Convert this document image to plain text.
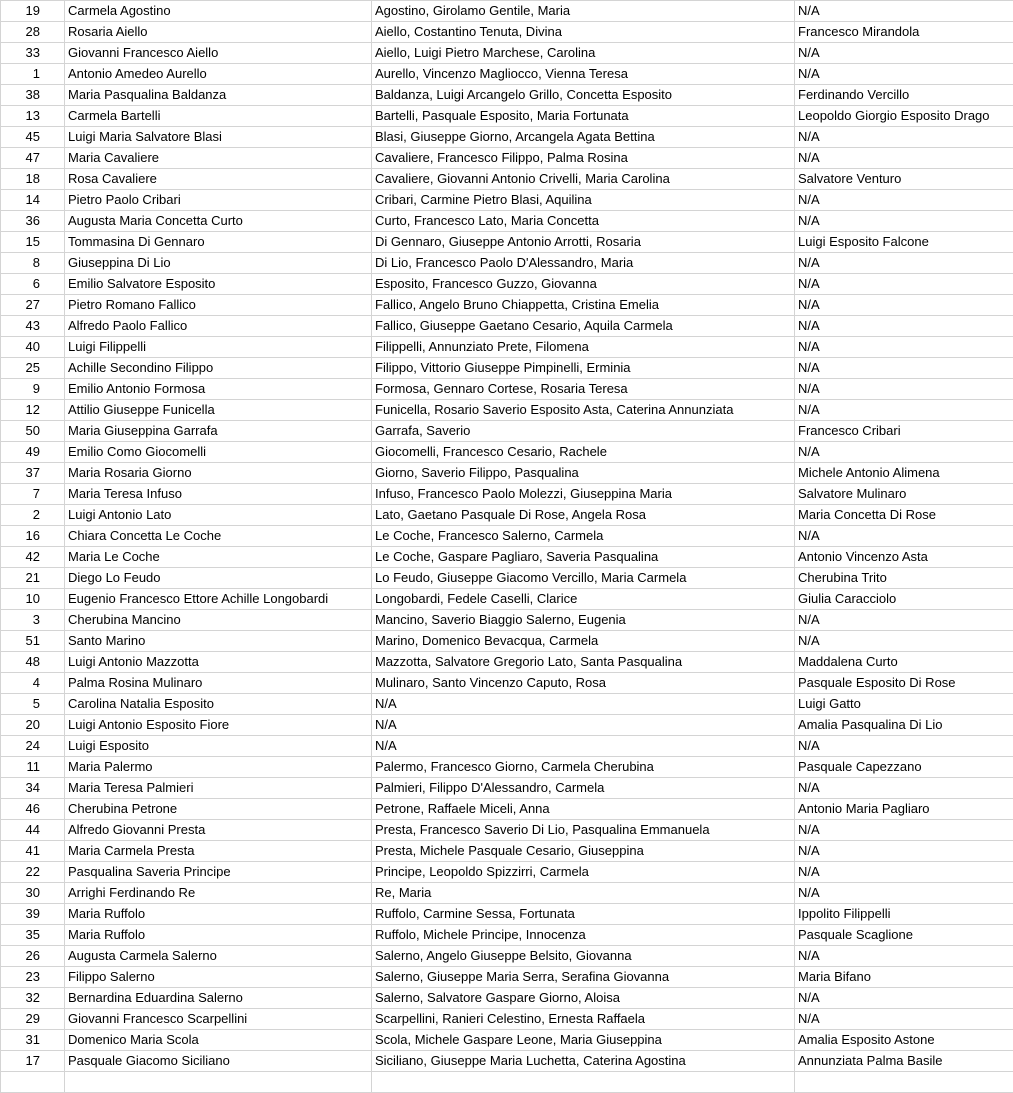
19	Carmela Agostino	Agostino, Girolamo Gentile, Maria	N/A
28	Rosaria Aiello	Aiello, Costantino Tenuta, Divina	Francesco Mirandola
33	Giovanni Francesco Aiello	Aiello, Luigi Pietro Marchese, Carolina	N/A
1	Antonio Amedeo Aurello	Aurello, Vincenzo Magliocco, Vienna Teresa	N/A
38	Maria Pasqualina Baldanza	Baldanza, Luigi Arcangelo Grillo, Concetta Esposito	Ferdinando Vercillo
13	Carmela Bartelli	Bartelli, Pasquale Esposito, Maria Fortunata	Leopoldo Giorgio Esposito Drago
45	Luigi Maria Salvatore Blasi	Blasi, Giuseppe Giorno, Arcangela Agata Bettina	N/A
47	Maria Cavaliere	Cavaliere, Francesco Filippo, Palma Rosina	N/A
18	Rosa Cavaliere	Cavaliere, Giovanni Antonio Crivelli, Maria Carolina	Salvatore Venturo
14	Pietro Paolo Cribari	Cribari, Carmine Pietro Blasi, Aquilina	N/A
36	Augusta Maria Concetta Curto	Curto, Francesco Lato, Maria Concetta	N/A
15	Tommasina Di Gennaro	Di Gennaro, Giuseppe Antonio Arrotti, Rosaria	Luigi Esposito Falcone
8	Giuseppina Di Lio	Di Lio, Francesco Paolo D'Alessandro, Maria	N/A
6	Emilio Salvatore Esposito	Esposito, Francesco Guzzo, Giovanna	N/A
27	Pietro Romano Fallico	Fallico, Angelo Bruno Chiappetta, Cristina Emelia	N/A
43	Alfredo Paolo Fallico	Fallico, Giuseppe Gaetano Cesario, Aquila Carmela	N/A
40	Luigi Filippelli	Filippelli, Annunziato Prete, Filomena	N/A
25	Achille Secondino Filippo	Filippo, Vittorio Giuseppe Pimpinelli, Erminia	N/A
9	Emilio Antonio Formosa	Formosa, Gennaro Cortese, Rosaria Teresa	N/A
12	Attilio Giuseppe Funicella	Funicella, Rosario Saverio Esposito Asta, Caterina Annunziata	N/A
50	Maria Giuseppina Garrafa	Garrafa, Saverio	Francesco Cribari
49	Emilio Como Giocomelli	Giocomelli, Francesco Cesario, Rachele	N/A
37	Maria Rosaria Giorno	Giorno, Saverio Filippo, Pasqualina	Michele Antonio Alimena
7	Maria Teresa Infuso	Infuso, Francesco Paolo Molezzi, Giuseppina Maria	Salvatore Mulinaro
2	Luigi Antonio Lato	Lato, Gaetano Pasquale Di Rose, Angela Rosa	Maria Concetta Di Rose
16	Chiara Concetta Le Coche	Le Coche, Francesco Salerno, Carmela	N/A
42	Maria Le Coche	Le Coche, Gaspare Pagliaro, Saveria Pasqualina	Antonio Vincenzo Asta
21	Diego Lo Feudo	Lo Feudo, Giuseppe Giacomo Vercillo, Maria Carmela	Cherubina Trito
10	Eugenio Francesco Ettore Achille Longobardi	Longobardi, Fedele Caselli, Clarice	Giulia Caracciolo
3	Cherubina Mancino	Mancino, Saverio Biaggio Salerno, Eugenia	N/A
51	Santo Marino	Marino, Domenico Bevacqua, Carmela	N/A
48	Luigi Antonio Mazzotta	Mazzotta, Salvatore Gregorio Lato, Santa Pasqualina	Maddalena Curto
4	Palma Rosina Mulinaro	Mulinaro, Santo Vincenzo Caputo, Rosa	Pasquale Esposito Di Rose
5	Carolina Natalia Esposito	N/A	Luigi Gatto
20	Luigi Antonio Esposito Fiore	N/A	Amalia Pasqualina Di Lio
24	Luigi Esposito	N/A	N/A
11	Maria Palermo	Palermo, Francesco Giorno, Carmela Cherubina	Pasquale Capezzano
34	Maria Teresa Palmieri	Palmieri, Filippo D'Alessandro, Carmela	N/A
46	Cherubina Petrone	Petrone, Raffaele Miceli, Anna	Antonio Maria Pagliaro
44	Alfredo Giovanni Presta	Presta, Francesco Saverio Di Lio, Pasqualina Emmanuela	N/A
41	Maria Carmela Presta	Presta, Michele Pasquale Cesario, Giuseppina	N/A
22	Pasqualina Saveria Principe	Principe, Leopoldo Spizzirri, Carmela	N/A
30	Arrighi Ferdinando Re	Re, Maria	N/A
39	Maria Ruffolo	Ruffolo, Carmine Sessa, Fortunata	Ippolito Filippelli
35	Maria Ruffolo	Ruffolo, Michele Principe, Innocenza	Pasquale Scaglione
26	Augusta Carmela Salerno	Salerno, Angelo Giuseppe Belsito, Giovanna	N/A
23	Filippo Salerno	Salerno, Giuseppe Maria Serra, Serafina Giovanna	Maria Bifano
32	Bernardina Eduardina Salerno	Salerno, Salvatore Gaspare Giorno, Aloisa	N/A
29	Giovanni Francesco Scarpellini	Scarpellini, Ranieri Celestino, Ernesta Raffaela	N/A
31	Domenico Maria Scola	Scola, Michele Gaspare Leone, Maria Giuseppina	Amalia Esposito Astone
17	Pasquale Giacomo Siciliano	Siciliano, Giuseppe Maria Luchetta, Caterina Agostina	Annunziata Palma Basile
